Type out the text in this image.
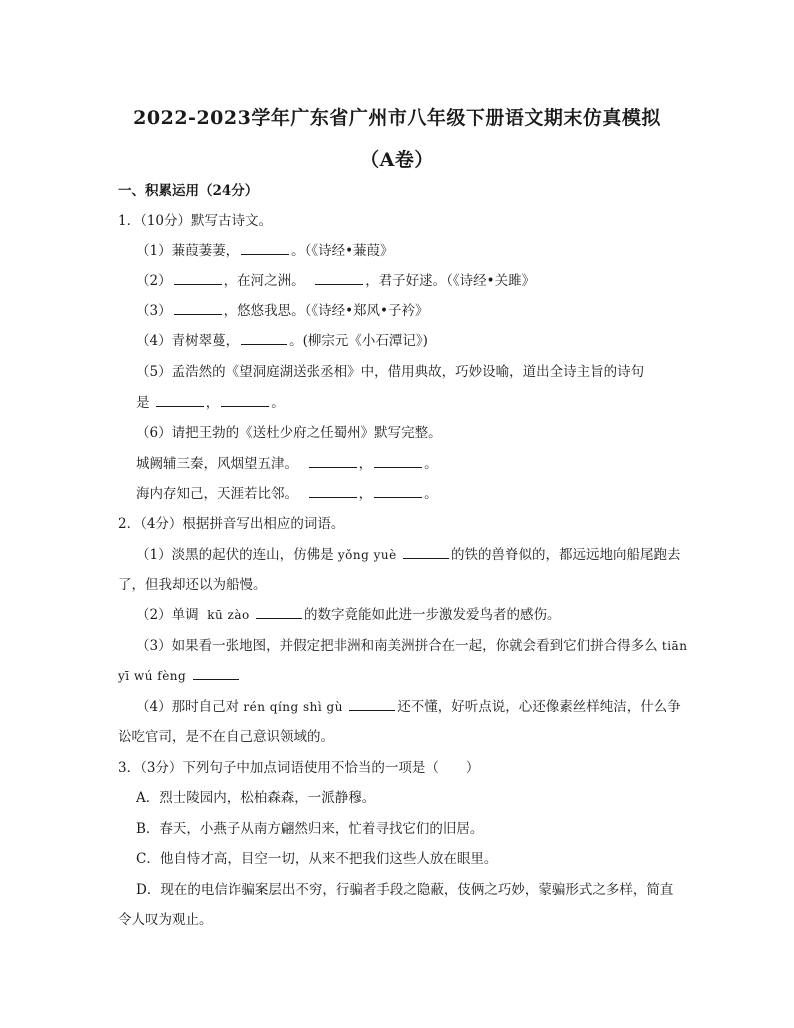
2022-2023学年广东省广州市八年级下册语文期末仿真模拟
（A卷）
一、积累运用（24分）
1．（10分）默写古诗文。
（1）蒹葭萋萋，	。（《诗经•蒹葭》
（2）	，在河之洲。	，君子好逑。（《诗经•关雎》
（3）	，悠悠我思。（《诗经•郑风•子衿》
（4）青树翠蔓，	。(柳宗元《小石潭记》)
（5）孟浩然的《望洞庭湖送张丞相》中，借用典故，巧妙设喻，道出全诗主旨的诗句
是	，	。
（6）请把王勃的《送杜少府之任蜀州》默写完整。
城阙辅三秦，风烟望五津。	，	。
海内存知己，天涯若比邻。	，	。
2．（4分）根据拼音写出相应的词语。
（1）淡黑的起伏的连山，仿佛是 yǒng yuè	的铁的兽脊似的，都远远地向船尾跑去
了，但我却还以为船慢。
（2）单调 kū zào	的数字竟能如此进一步激发爱鸟者的感伤。
（3）如果看一张地图，并假定把非洲和南美洲拼合在一起，你就会看到它们拼合得多么 tiān
yī wú fèng
（4）那时自己对 rén qíng shì gù	还不懂，好听点说，心还像素丝样纯洁，什么争
讼吃官司，是不在自己意识领域的。
3．（3分）下列句子中加点词语使用不恰当的一项是（　　）
A．烈士陵园内，松柏森森，一派静穆。
B．春天，小燕子从南方翩然归来，忙着寻找它们的旧居。
C．他自恃才高，目空一切，从来不把我们这些人放在眼里。
D．现在的电信诈骗案层出不穷，行骗者手段之隐蔽，伎俩之巧妙，蒙骗形式之多样，简直
令人叹为观止。
